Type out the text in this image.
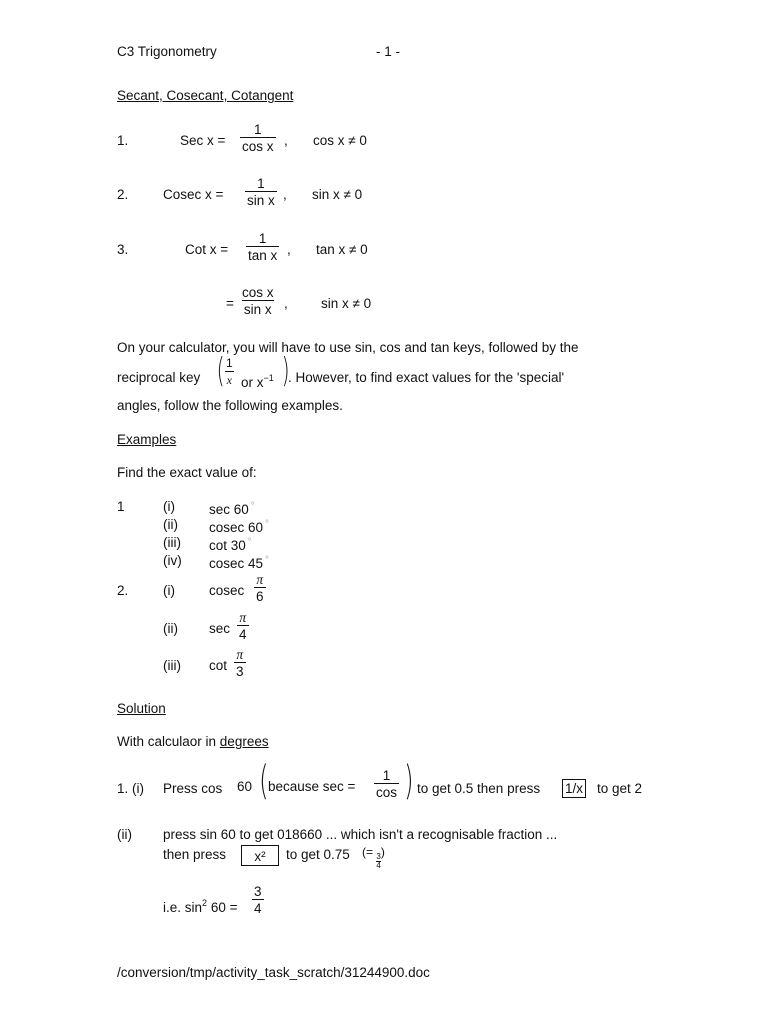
C3 Trigonometry	- 1 -
Secant, Cosecant, Cotangent
1.	Sec $x = \frac{1}{\text{cos x}}$ , cos x ≠ 0
2.	Cosec $x = \frac{1}{\text{sin x}}$ , sin x ≠ 0
3.	Cot $x = \frac{1}{\text{tan x}}$ , tan x ≠ 0
= $\frac{\text{cos x}}{\text{sin x}}$ , sin x ≠ 0
On your calculator, you will have to use sin, cos and tan keys, followed by the
reciprocal key ( $\frac{1}{x}$ or $x^{-1}$ )
. However, to find exact values for the 'special'
angles, follow the following examples.
Examples
Find the exact value of:
1	(i)	sec 60 °
(ii) cosec 60 °
(iii) cot 30 °
(iv) cosec 45 °
2.	(i)	cosec $\frac{\pi}{6}$
(ii) $\sec \frac{\pi}{4}$
(iii) $\cot \frac{\pi}{3}$
Solution
With calculaor in degrees
1. (i) Press cos 60 ( because $\sec = \frac{1}{\cos}$ ) to get 0.5 then press 1/x to get 2
(ii) press sin 60 to get 018660 ... which isn't a recognisable fraction ...
then press	x²	to get 0.75 (=
$\frac{3}{4}$
)
i.e. $\sin^2 60 = \frac{3}{4}$
/conversion/tmp/activity_task_scratch/31244900.doc
